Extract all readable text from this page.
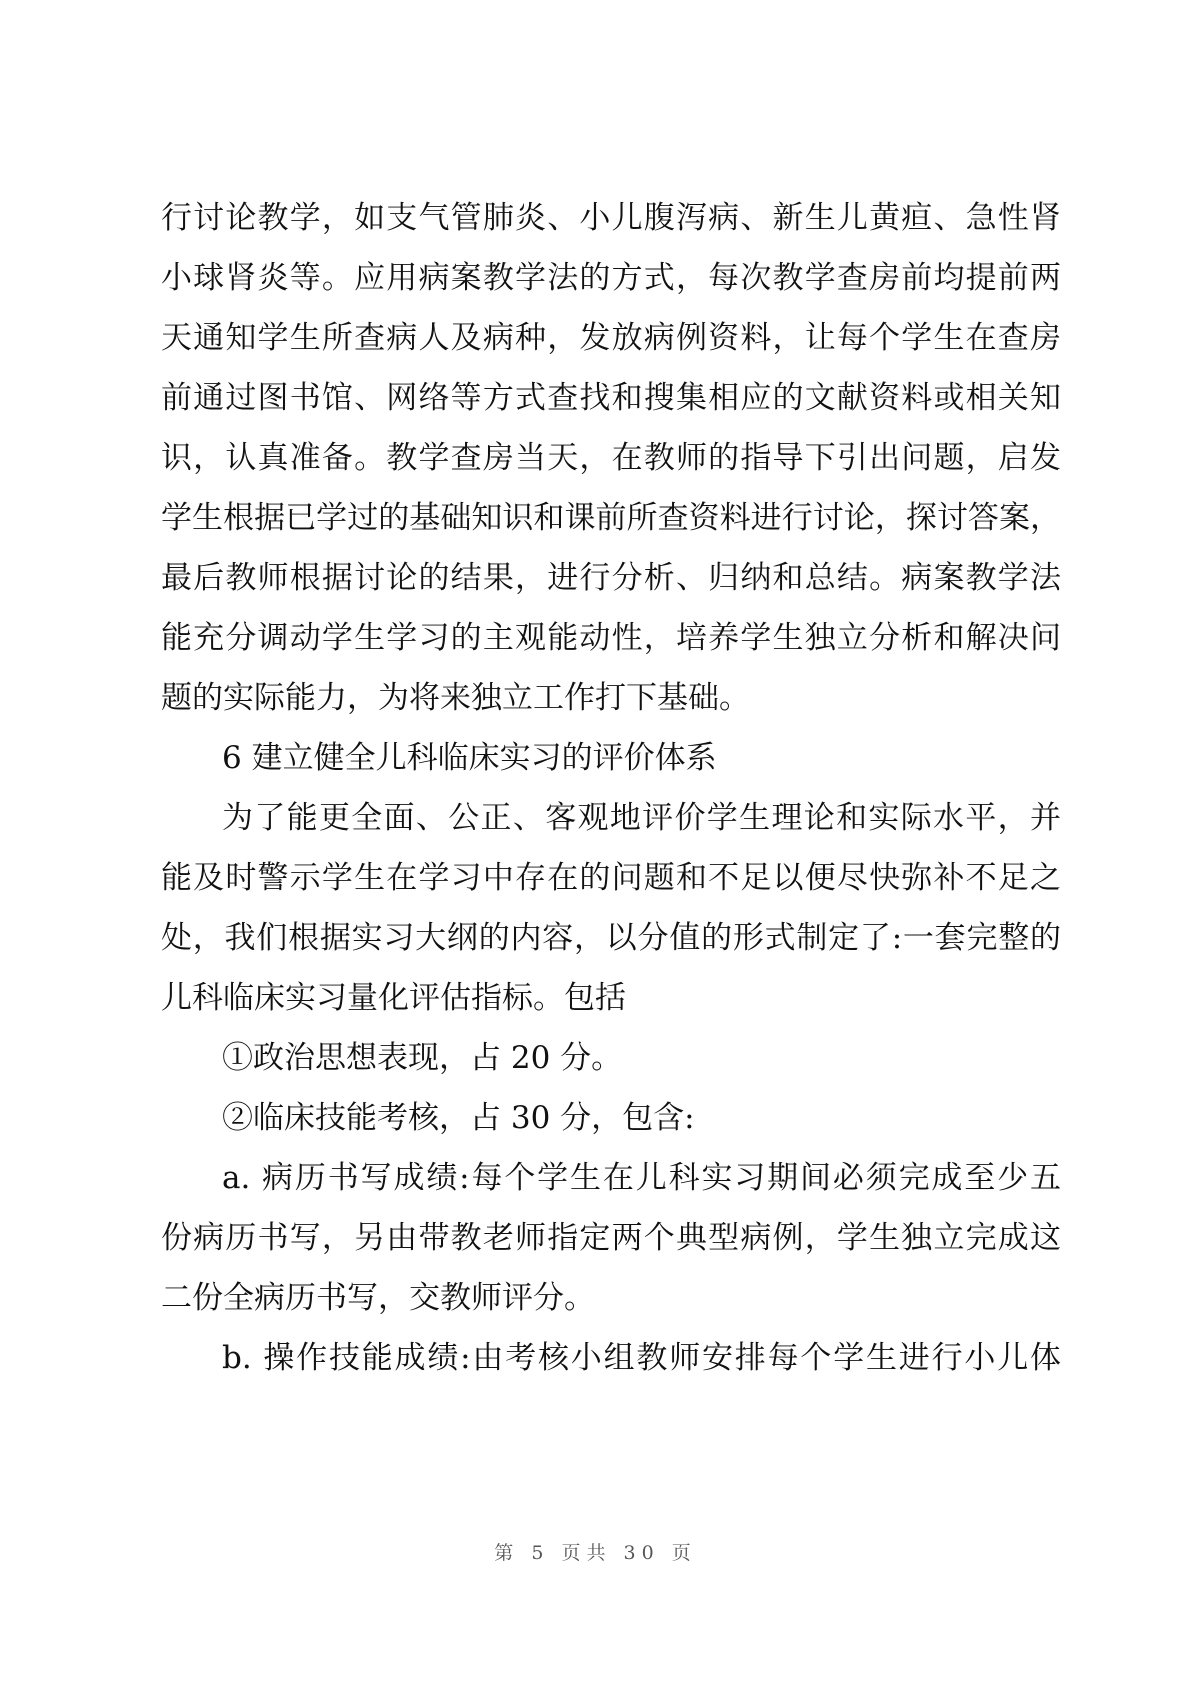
行讨论教学，如支气管肺炎、小儿腹泻病、新生儿黄疸、急性肾
小球肾炎等。应用病案教学法的方式，每次教学查房前均提前两
天通知学生所查病人及病种，发放病例资料，让每个学生在查房
前通过图书馆、网络等方式查找和搜集相应的文献资料或相关知
识，认真准备。教学查房当天，在教师的指导下引出问题，启发
学生根据已学过的基础知识和课前所查资料进行讨论，探讨答案，
最后教师根据讨论的结果，进行分析、归纳和总结。病案教学法
能充分调动学生学习的主观能动性，培养学生独立分析和解决问
题的实际能力，为将来独立工作打下基础。
6 建立健全儿科临床实习的评价体系
为了能更全面、公正、客观地评价学生理论和实际水平，并
能及时警示学生在学习中存在的问题和不足以便尽快弥补不足之
处，我们根据实习大纲的内容，以分值的形式制定了:一套完整的
儿科临床实习量化评估指标。包括
①政治思想表现，占 20 分。
②临床技能考核，占 30 分，包含:
a. 病历书写成绩:每个学生在儿科实习期间必须完成至少五
份病历书写，另由带教老师指定两个典型病例，学生独立完成这
二份全病历书写，交教师评分。
b. 操作技能成绩:由考核小组教师安排每个学生进行小儿体
第 5 页共 30 页
